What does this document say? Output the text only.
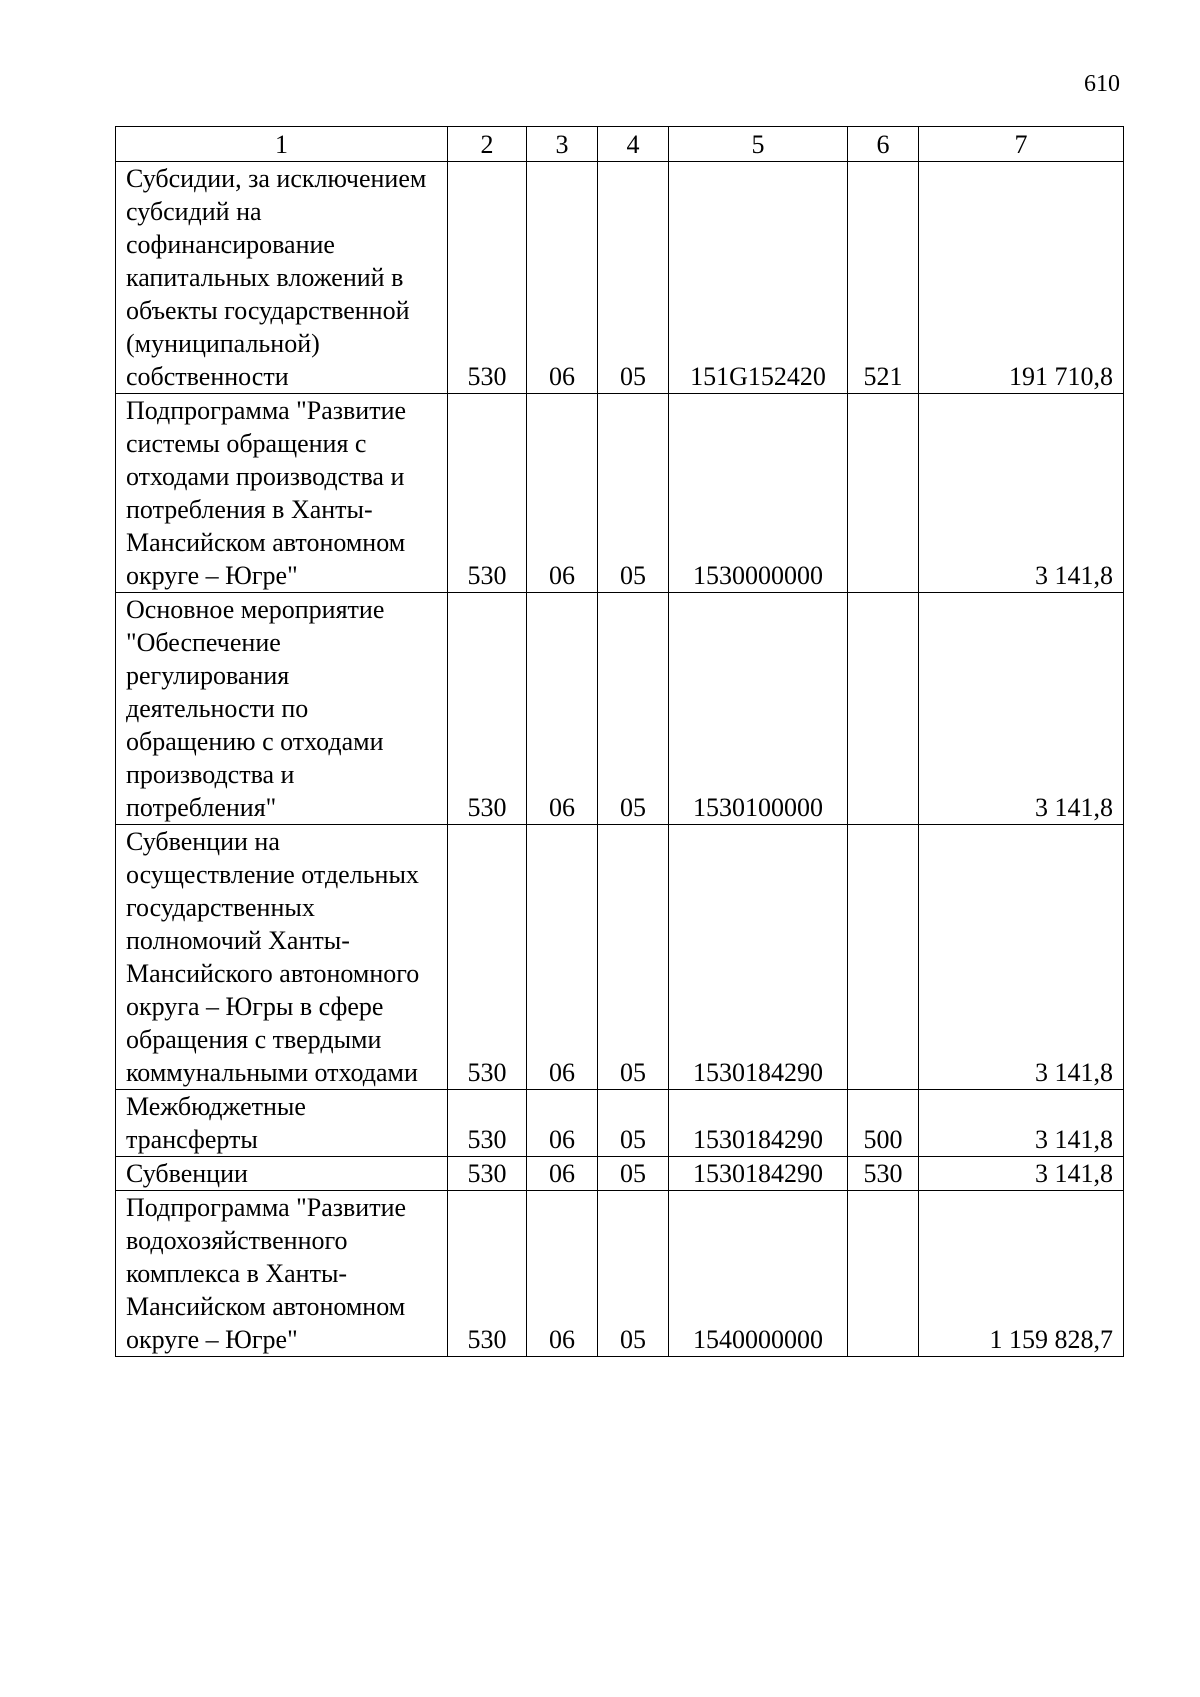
610
1	2	3	4	5	6	7
Субсидии, за исключением субсидий на софинансирование капитальных вложений в объекты государственной (муниципальной) собственности	530	06	05	151G152420	521	191 710,8
Подпрограмма "Развитие системы обращения с отходами производства и потребления в Ханты-Мансийском автономном округе – Югре"	530	06	05	1530000000		3 141,8
Основное мероприятие "Обеспечение регулирования деятельности по обращению с отходами производства и потребления"	530	06	05	1530100000		3 141,8
Субвенции на осуществление отдельных государственных полномочий Ханты-Мансийского автономного округа – Югры в сфере обращения с твердыми коммунальными отходами	530	06	05	1530184290		3 141,8
Межбюджетные трансферты	530	06	05	1530184290	500	3 141,8
Субвенции	530	06	05	1530184290	530	3 141,8
Подпрограмма "Развитие водохозяйственного комплекса в Ханты-Мансийском автономном округе – Югре"	530	06	05	1540000000		1 159 828,7
